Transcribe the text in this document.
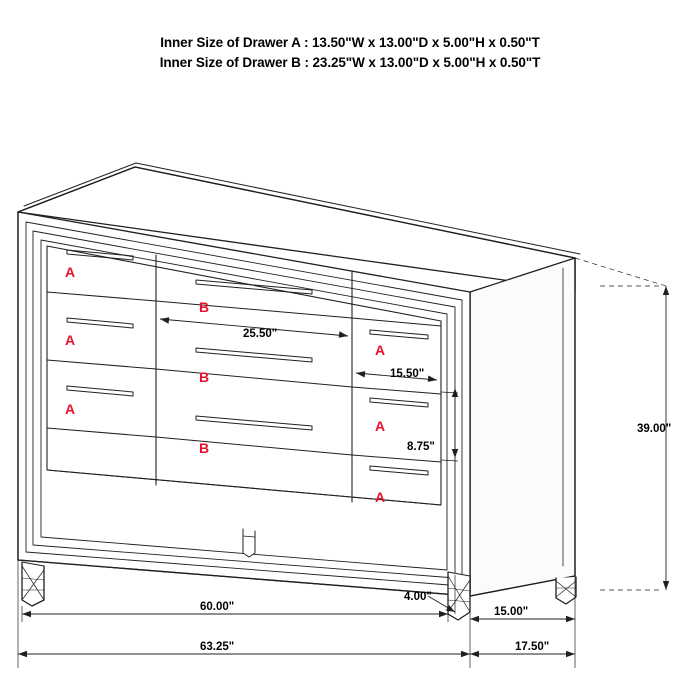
Inner Size of Drawer A : 13.50"W x 13.00"D x 5.00"H x 0.50"T
Inner Size of Drawer B : 23.25"W x 13.00"D x 5.00"H x 0.50"T
A
A
A
B
B
B
A
A
A
25.50"
15.50"
8.75"
39.00"
4.00"
60.00"	15.00"
63.25"	17.50"
